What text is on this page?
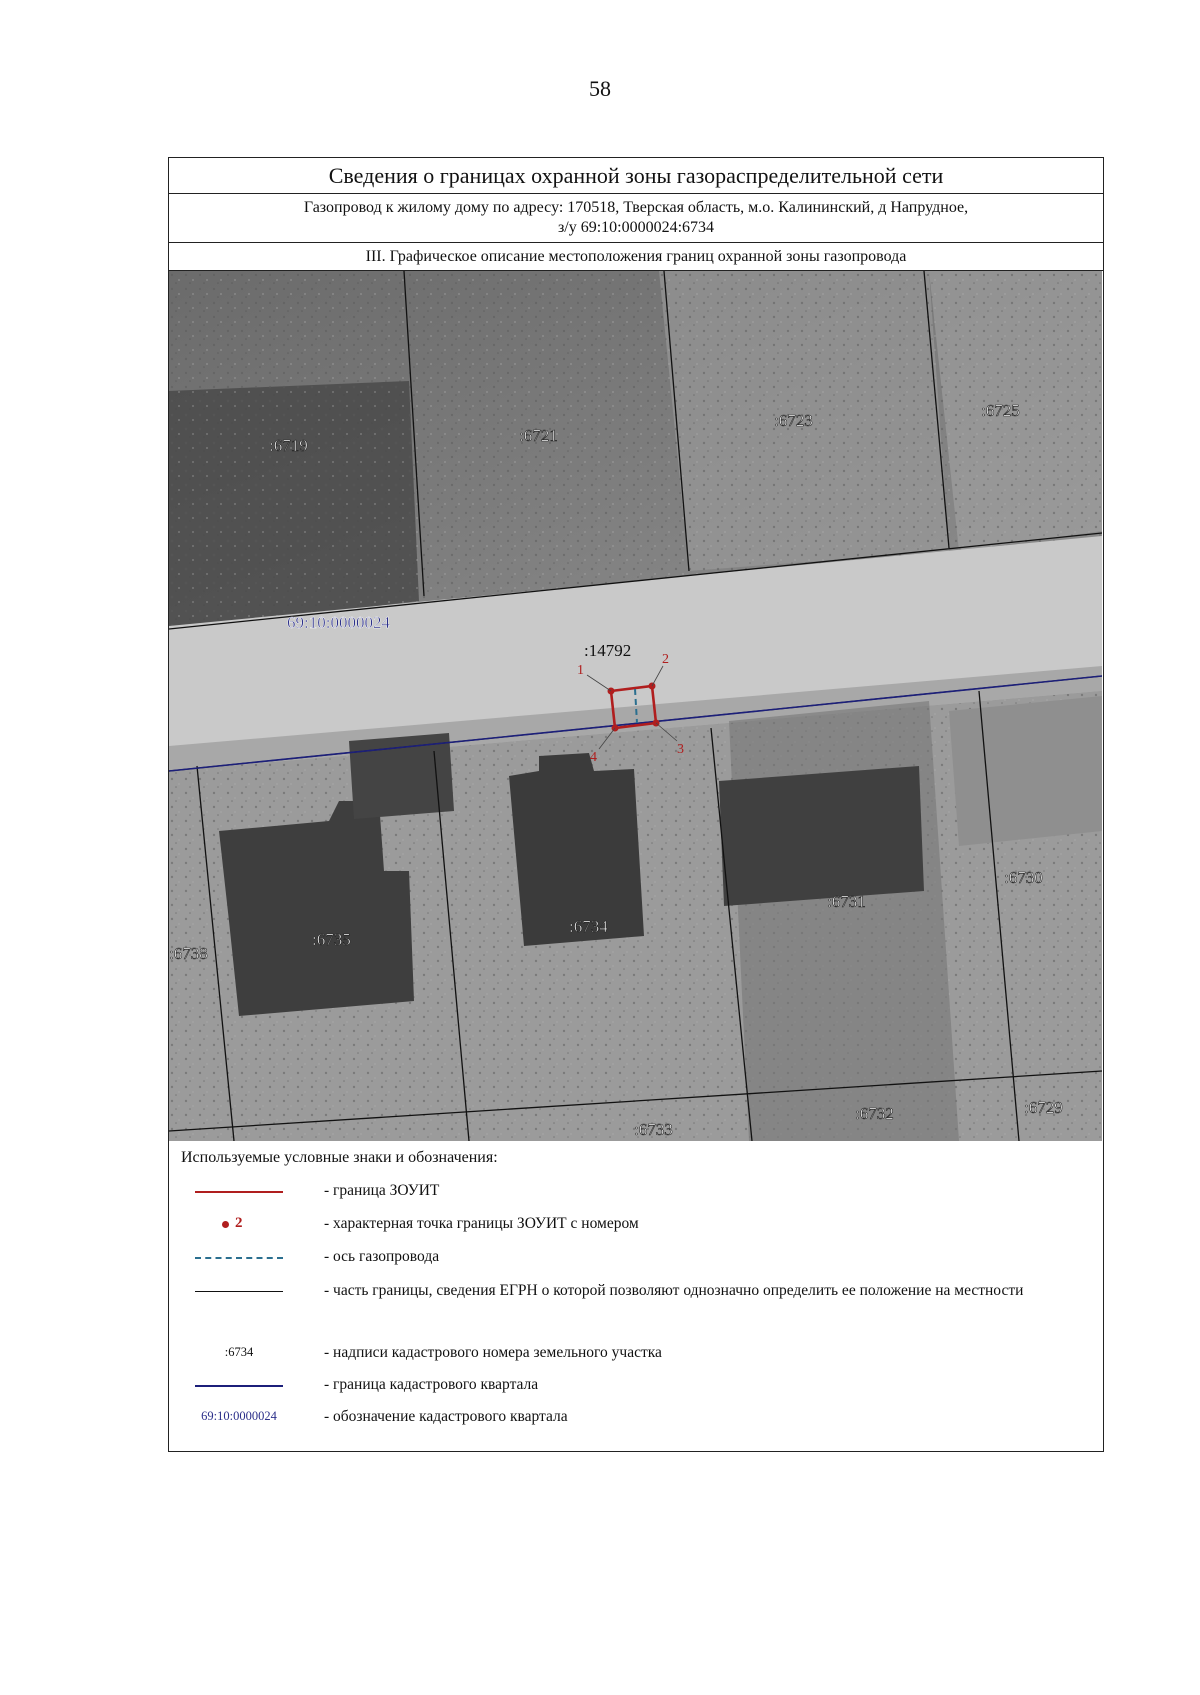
58
Сведения о границах охранной зоны газораспределительной сети
Газопровод к жилому дому по адресу: 170518, Тверская область, м.о. Калининский, д Напрудное,
з/у 69:10:0000024:6734
III. Графическое описание местоположения границ охранной зоны газопровода
:6719
:6721
:6723
:6725
:6738
:6735
:6734
:6731
:6730
:6733
:6732	:6729
69:10:0000024
:14792
1
2
3
4
Используемые условные знаки и обозначения:
- граница ЗОУИТ
2	- характерная точка границы ЗОУИТ с номером
- ось газопровода
- часть границы, сведения ЕГРН о которой позволяют однозначно определить ее положение на местности
:6734	- надписи кадастрового номера земельного участка
- граница кадастрового квартала
69:10:0000024	- обозначение кадастрового квартала
